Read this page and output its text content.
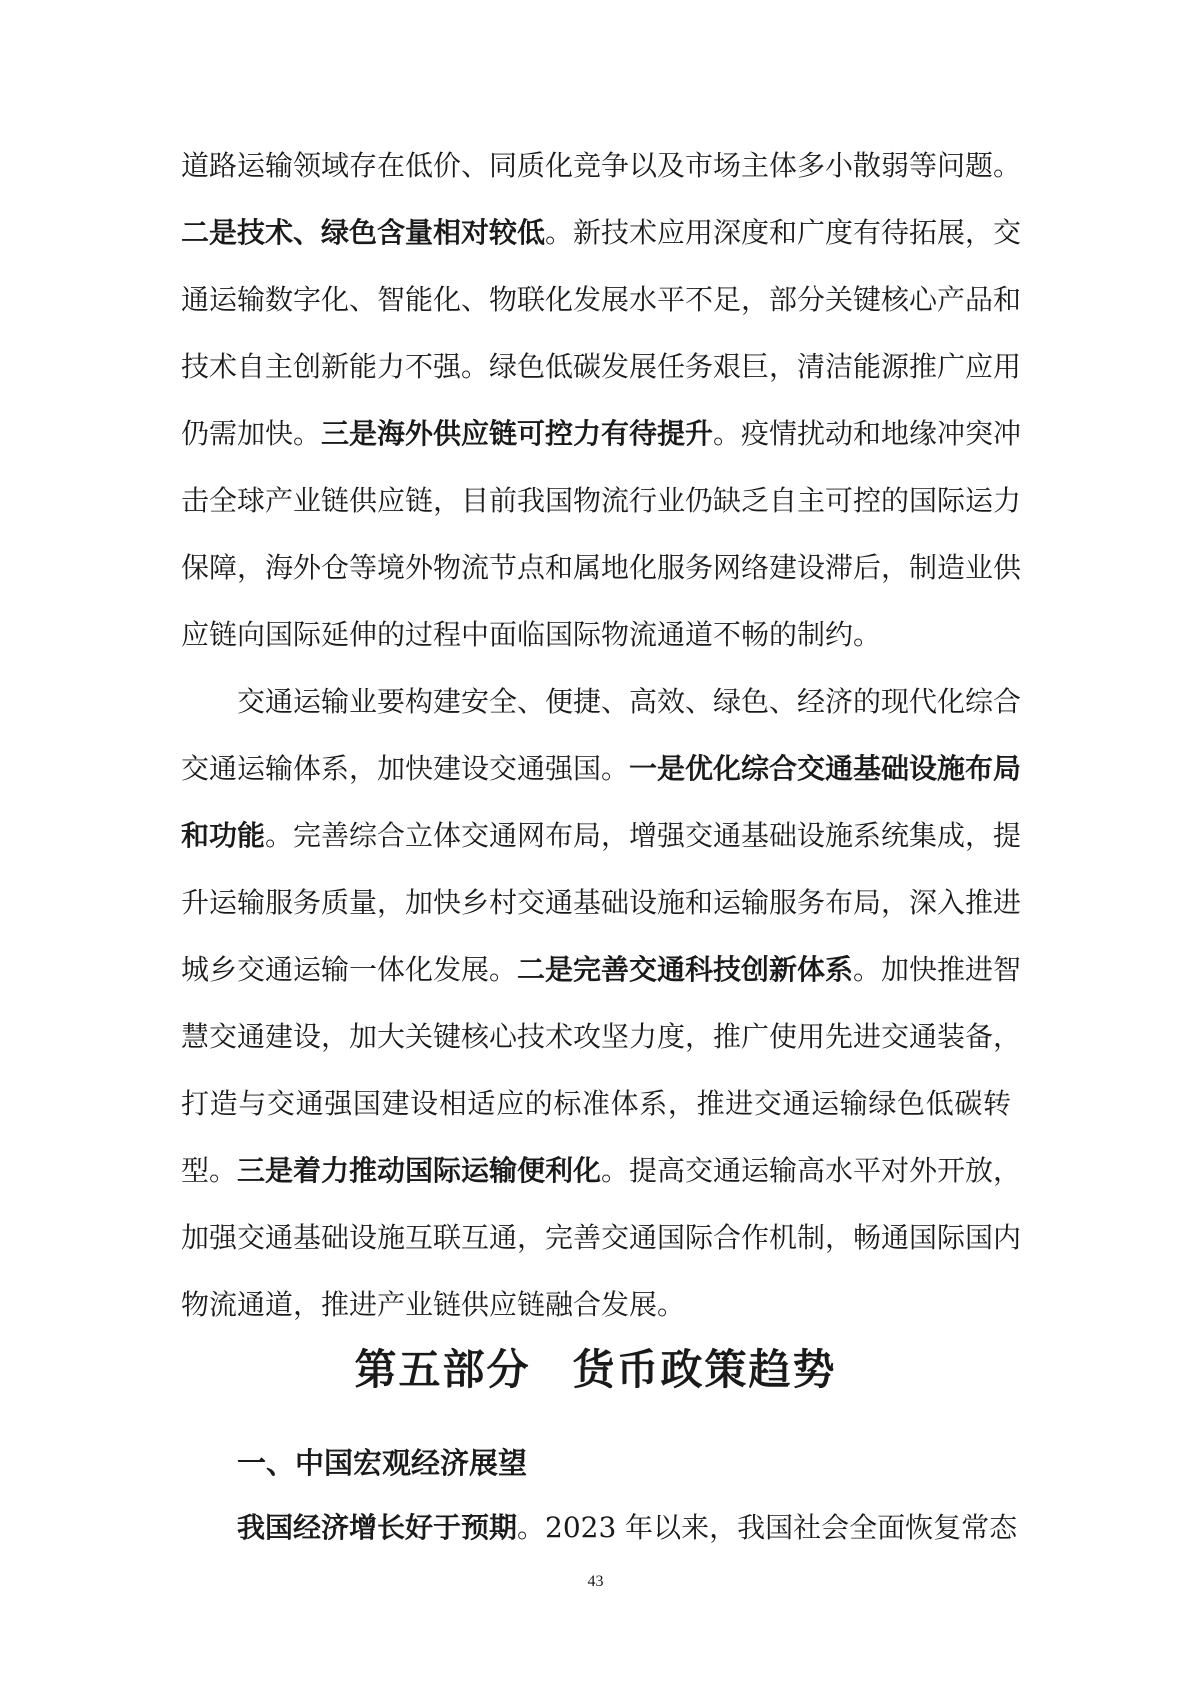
道路运输领域存在低价、同质化竞争以及市场主体多小散弱等问题。
二是技术、绿色含量相对较低。新技术应用深度和广度有待拓展，交
通运输数字化、智能化、物联化发展水平不足，部分关键核心产品和
技术自主创新能力不强。绿色低碳发展任务艰巨，清洁能源推广应用
仍需加快。三是海外供应链可控力有待提升。疫情扰动和地缘冲突冲
击全球产业链供应链，目前我国物流行业仍缺乏自主可控的国际运力
保障，海外仓等境外物流节点和属地化服务网络建设滞后，制造业供
应链向国际延伸的过程中面临国际物流通道不畅的制约。
交通运输业要构建安全、便捷、高效、绿色、经济的现代化综合
交通运输体系，加快建设交通强国。一是优化综合交通基础设施布局
和功能。完善综合立体交通网布局，增强交通基础设施系统集成，提
升运输服务质量，加快乡村交通基础设施和运输服务布局，深入推进
城乡交通运输一体化发展。二是完善交通科技创新体系。加快推进智
慧交通建设，加大关键核心技术攻坚力度，推广使用先进交通装备，
打造与交通强国建设相适应的标准体系，推进交通运输绿色低碳转
型。三是着力推动国际运输便利化。提高交通运输高水平对外开放，
加强交通基础设施互联互通，完善交通国际合作机制，畅通国际国内
物流通道，推进产业链供应链融合发展。
第五部分 货币政策趋势
一、中国宏观经济展望
我国经济增长好于预期。2023 年以来，我国社会全面恢复常态
43
